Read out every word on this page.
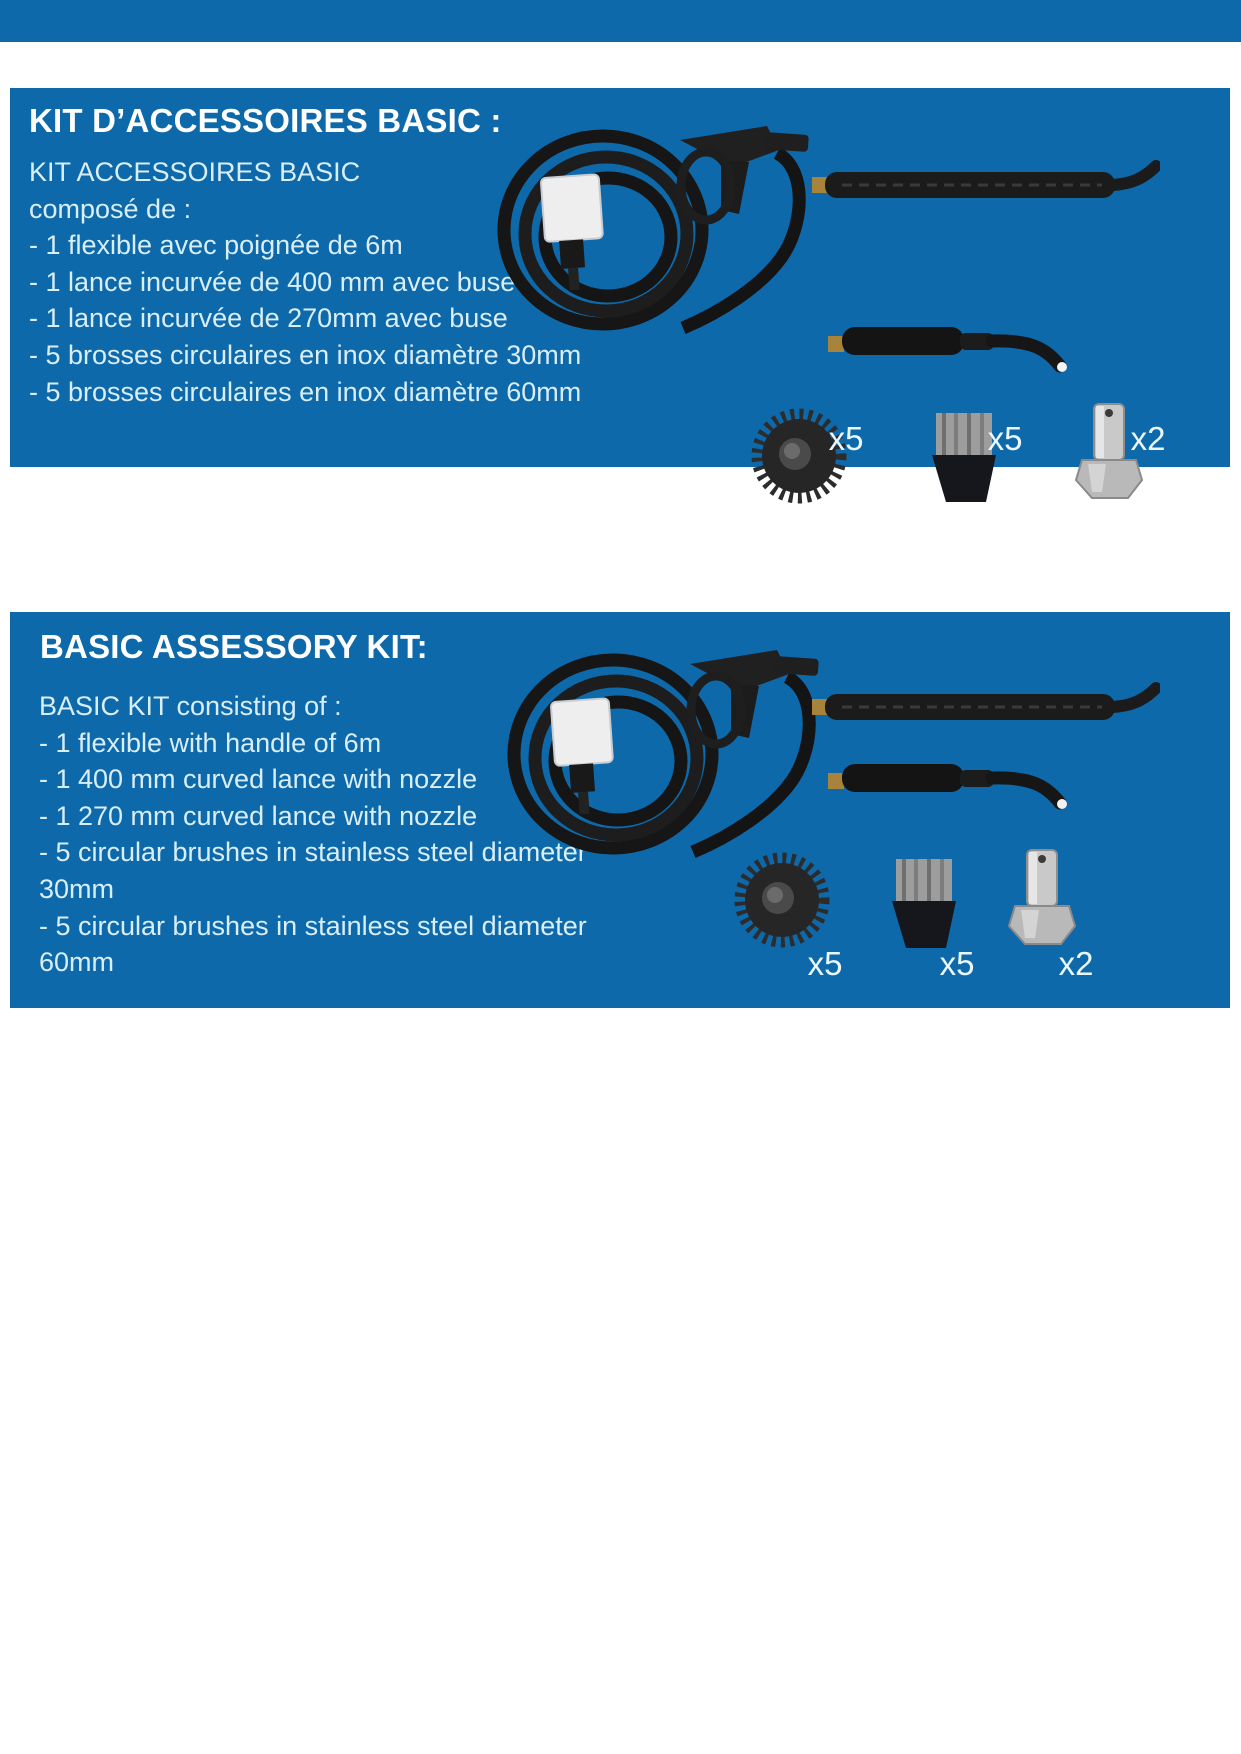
KIT D’ACCESSOIRES BASIC :
KIT ACCESSOIRES BASIC
composé de :
- 1 flexible avec poignée de 6m
- 1 lance incurvée de 400 mm avec buse
- 1 lance incurvée de 270mm avec buse
- 5 brosses circulaires en inox diamètre 30mm
- 5 brosses circulaires en inox diamètre 60mm
x5	x5	x2
BASIC ASSESSORY KIT:
BASIC KIT consisting of :
- 1 flexible with handle of 6m
- 1 400 mm curved lance with nozzle
- 1 270 mm curved lance with nozzle
- 5 circular brushes in stainless steel diameter
30mm
- 5 circular brushes in stainless steel diameter
60mm	x5	x5	x2
